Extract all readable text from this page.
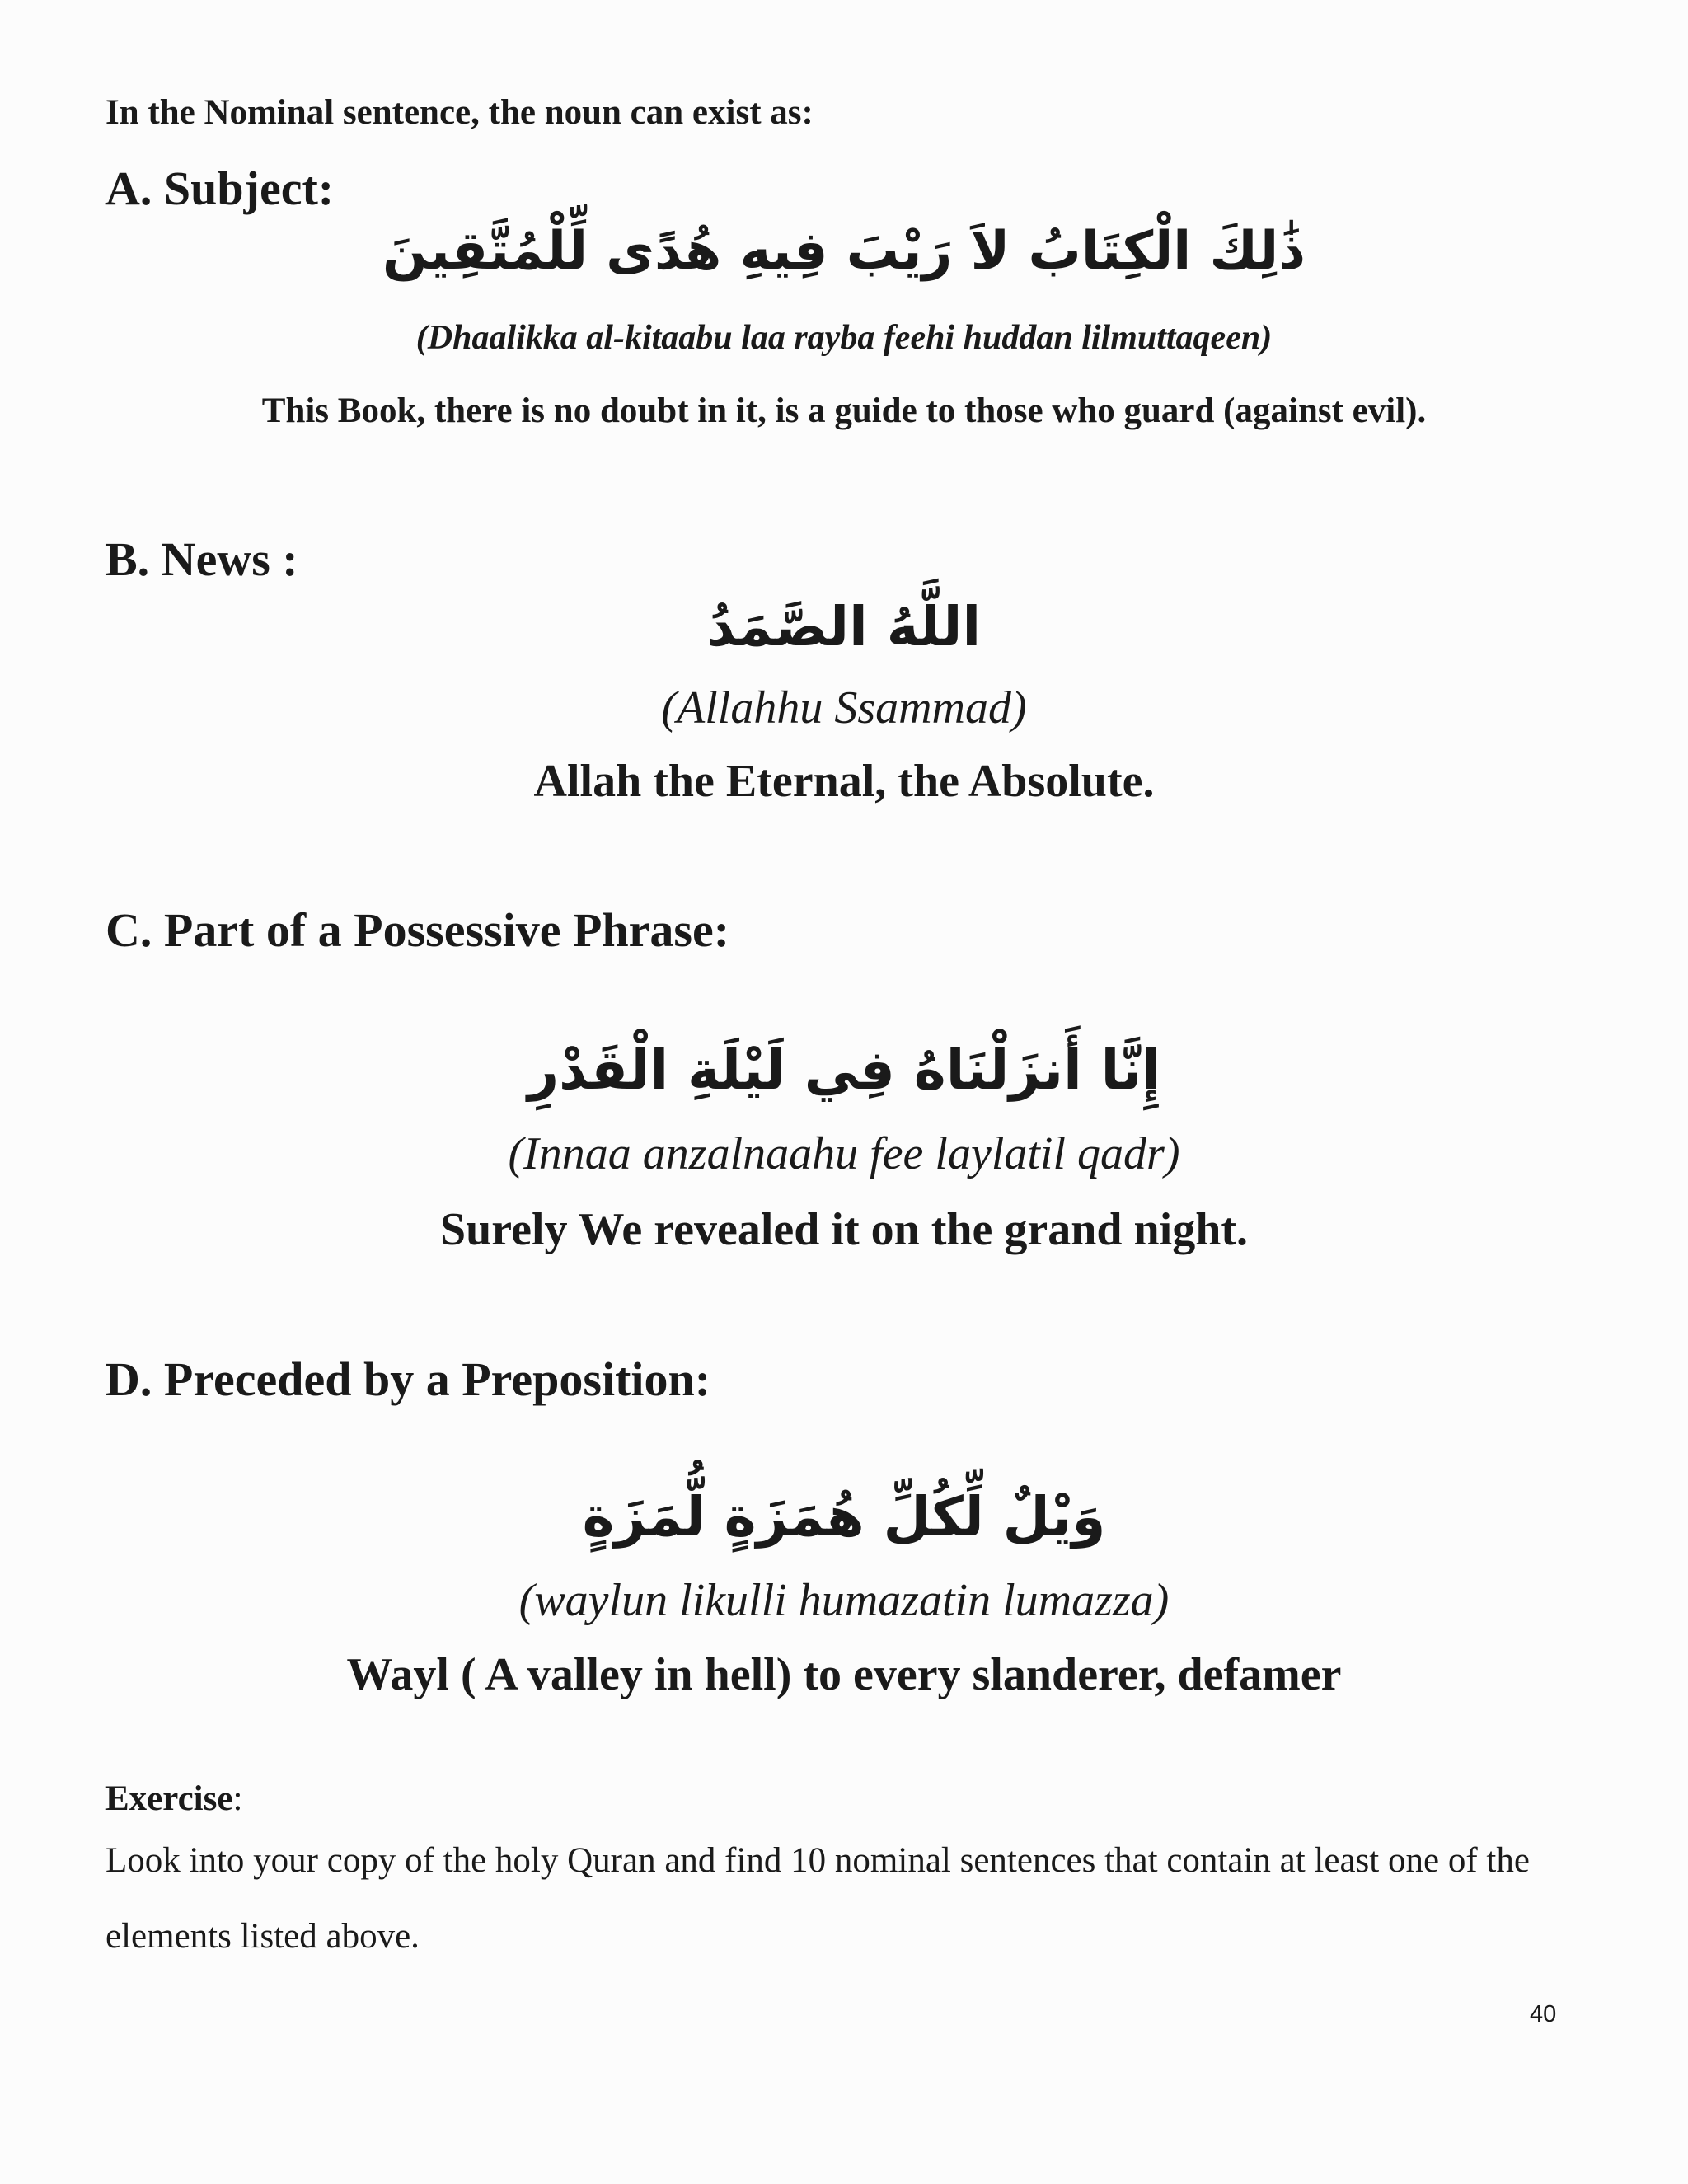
In the Nominal sentence, the noun can exist as:

A. Subject:

ذَٰلِكَ الْكِتَابُ لاَ رَيْبَ فِيهِ هُدًى لِّلْمُتَّقِينَ

(Dhaalikka al-kitaabu laa rayba feehi huddan lilmuttaqeen)

This Book, there is no doubt in it, is a guide to those who guard (against evil).

B. News :

اللَّهُ الصَّمَدُ

(Allahhu Ssammad)

Allah the Eternal, the Absolute.

C. Part of a Possessive Phrase:

إِنَّا أَنزَلْنَاهُ فِي لَيْلَةِ الْقَدْرِ

(Innaa anzalnaahu fee laylatil qadr)

Surely We revealed it on the grand night.

D. Preceded by a Preposition:

وَيْلٌ لِّكُلِّ هُمَزَةٍ لُّمَزَةٍ

(waylun likulli humazatin lumazza)

Wayl ( A valley in hell) to every slanderer, defamer

Exercise:

Look into your copy of the holy Quran and find 10 nominal sentences that contain at least one of the elements listed above.

40
